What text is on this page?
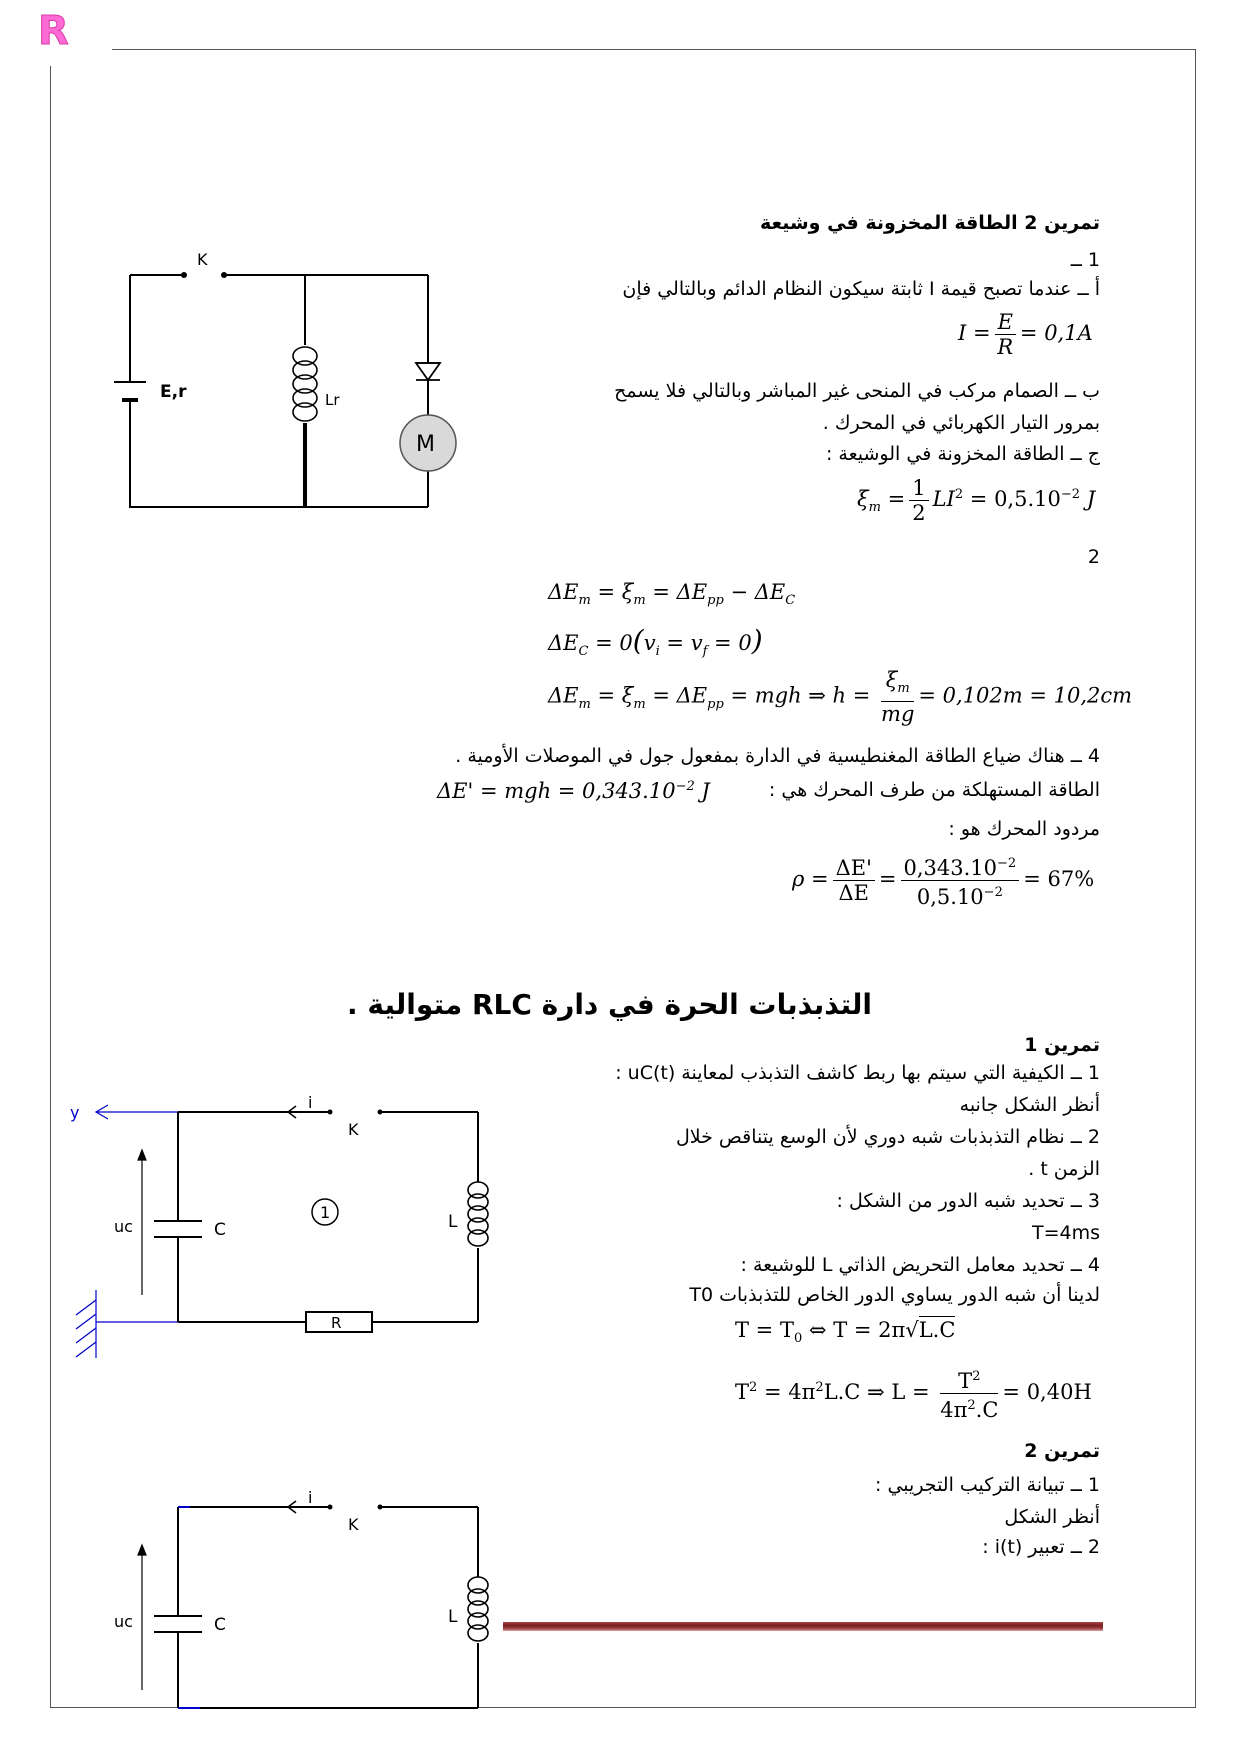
R
تمرين 2 الطاقة المخزونة في وشيعة
1 ــ
أ ــ عندما تصبح قيمة I ثابتة سيكون النظام الدائم وبالتالي فإن
$I = \frac{E}{R} = 0,1A$
ب ــ الصمام مركب في المنحى غير المباشر وبالتالي فلا يسمح
بمرور التيار الكهربائي في المحرك .
ج ــ الطاقة المخزونة في الوشيعة :
$\xi_m = \frac{1}{2} LI^2 = 0,5.10^{-2}$ J
2
$\Delta E_m = \xi_m = \Delta E_{pp} - \Delta E_C$
$\Delta E_C = 0(v_i = v_f = 0)$
$\Delta E_m = \xi_m = \Delta E_{pp}$ = mgh ⇒ $h = \frac{\xi_m}{mg} = 0,102m = 10,2cm$
4 ــ هناك ضياع الطاقة المغنطيسية في الدارة بمفعول جول في الموصلات الأومية .
الطاقة المستهلكة من طرف المحرك هي :
ΔE' = mgh = $0,343.10^{-2}$ J
مردود المحرك هو :
$\rho = \frac{\Delta E'}{\Delta E} = \frac{0,343.10^{-2}}{0,5.10^{-2}} = 67\%$
التذبذبات الحرة في دارة RLC متوالية .
تمرين 1
1 ــ الكيفية التي سيتم بها ربط كاشف التذبذب لمعاينة uC(t) :
أنظر الشكل جانبه
2 ــ نظام التذبذبات شبه دوري لأن الوسع يتناقص خلال
الزمن t .
3 ــ تحديد شبه الدور من الشكل :
T=4ms
4 ــ تحديد معامل التحريض الذاتي L للوشيعة :
لدينا أن شبه الدور يساوي الدور الخاص للتذبذبات T0
$T = T_0$ ⇔ T = 2π√L.C
$T^2 = 4\pi^2L.C$ ⇒ $L = \frac{T^2}{4\pi^2.C} = 0,40H$
تمرين 2
1 ــ تبيانة التركيب التجريبي :
أنظر الشكل
2 ــ تعبير i(t) :
K
E,r	Lr
M
y
i
K
C
uc
1	L
R
i
K
C
uc	L
